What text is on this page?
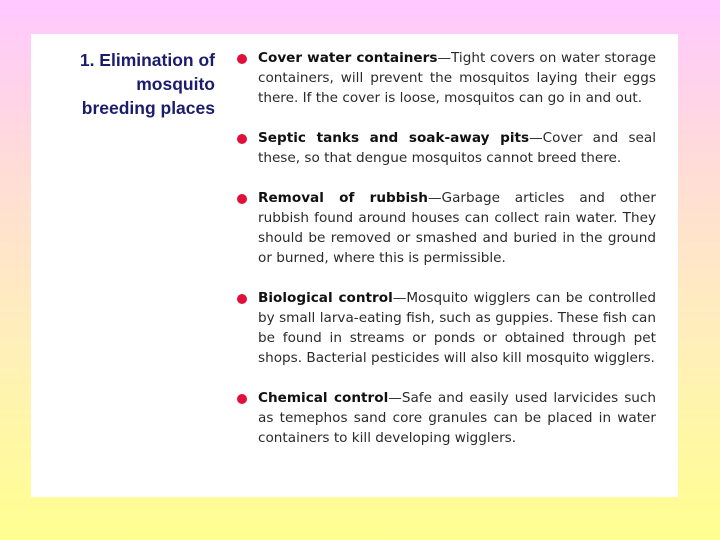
1. Elimination of
mosquito
breeding places
Cover water containers—Tight covers on water storage containers, will prevent the mosquitos laying their eggs there. If the cover is loose, mosquitos can go in and out.
Septic tanks and soak-away pits—Cover and seal these, so that dengue mosquitos cannot breed there.
Removal of rubbish—Garbage articles and other rubbish found around houses can collect rain water. They should be removed or smashed and buried in the ground or burned, where this is permissible.
Biological control—Mosquito wigglers can be controlled by small larva-eating fish, such as guppies. These fish can be found in streams or ponds or obtained through pet shops. Bacterial pesticides will also kill mosquito wigglers.
Chemical control—Safe and easily used larvicides such as temephos sand core granules can be placed in water containers to kill developing wigglers.
